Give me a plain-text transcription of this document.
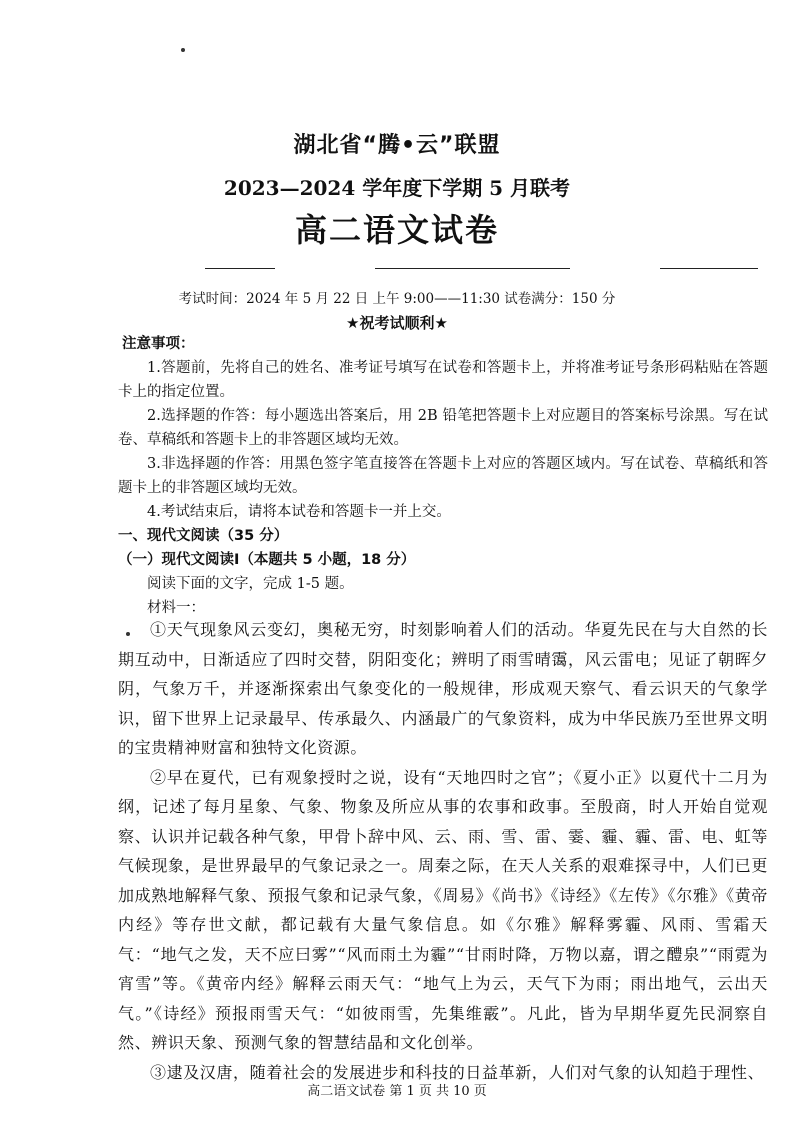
湖北省“腾•云”联盟
2023—2024 学年度下学期 5 月联考
高二语文试卷
考试时间：2024 年 5 月 22 日 上午 9:00——11:30 试卷满分：150 分
★祝考试顺利★
注意事项：

1.答题前，先将自己的姓名、准考证号填写在试卷和答题卡上，并将准考证号条形码粘贴在答题卡上的指定位置。

2.选择题的作答：每小题选出答案后，用 2B 铅笔把答题卡上对应题目的答案标号涂黑。写在试卷、草稿纸和答题卡上的非答题区域均无效。

3.非选择题的作答：用黑色签字笔直接答在答题卡上对应的答题区域内。写在试卷、草稿纸和答题卡上的非答题区域均无效。

4.考试结束后，请将本试卷和答题卡一并上交。

一、现代文阅读（35 分）

（一）现代文阅读Ⅰ（本题共 5 小题，18 分）

阅读下面的文字，完成 1-5 题。

材料一：

①天气现象风云变幻，奥秘无穷，时刻影响着人们的活动。华夏先民在与大自然的长期互动中，日渐适应了四时交替，阴阳变化；辨明了雨雪晴霭，风云雷电；见证了朝晖夕阴，气象万千，并逐渐探索出气象变化的一般规律，形成观天察气、看云识天的气象学识，留下世界上记录最早、传承最久、内涵最广的气象资料，成为中华民族乃至世界文明的宝贵精神财富和独特文化资源。

②早在夏代，已有观象授时之说，设有“天地四时之官”；《夏小正》以夏代十二月为纲，记述了每月星象、气象、物象及所应从事的农事和政事。至殷商，时人开始自觉观察、认识并记载各种气象，甲骨卜辞中风、云、雨、雪、雷、霎、霾、霾、雷、电、虹等气候现象，是世界最早的气象记录之一。周秦之际，在天人关系的艰难探寻中，人们已更加成熟地解释气象、预报气象和记录气象，《周易》《尚书》《诗经》《左传》《尔雅》《黄帝内经》等存世文献，都记载有大量气象信息。如《尔雅》解释雾霾、风雨、雪霜天气：“地气之发，天不应曰雾”“风而雨土为霾”“甘雨时降，万物以嘉，谓之醴泉”“雨霓为宵雪”等。《黄帝内经》解释云雨天气：“地气上为云，天气下为雨；雨出地气，云出天气。”《诗经》预报雨雪天气：“如彼雨雪，先集维霰”。凡此，皆为早期华夏先民洞察自然、辨识天象、预测气象的智慧结晶和文化创举。

③逮及汉唐，随着社会的发展进步和科技的日益革新，人们对气象的认知趋于理性、

高二语文试卷 第 1 页 共 10 页
